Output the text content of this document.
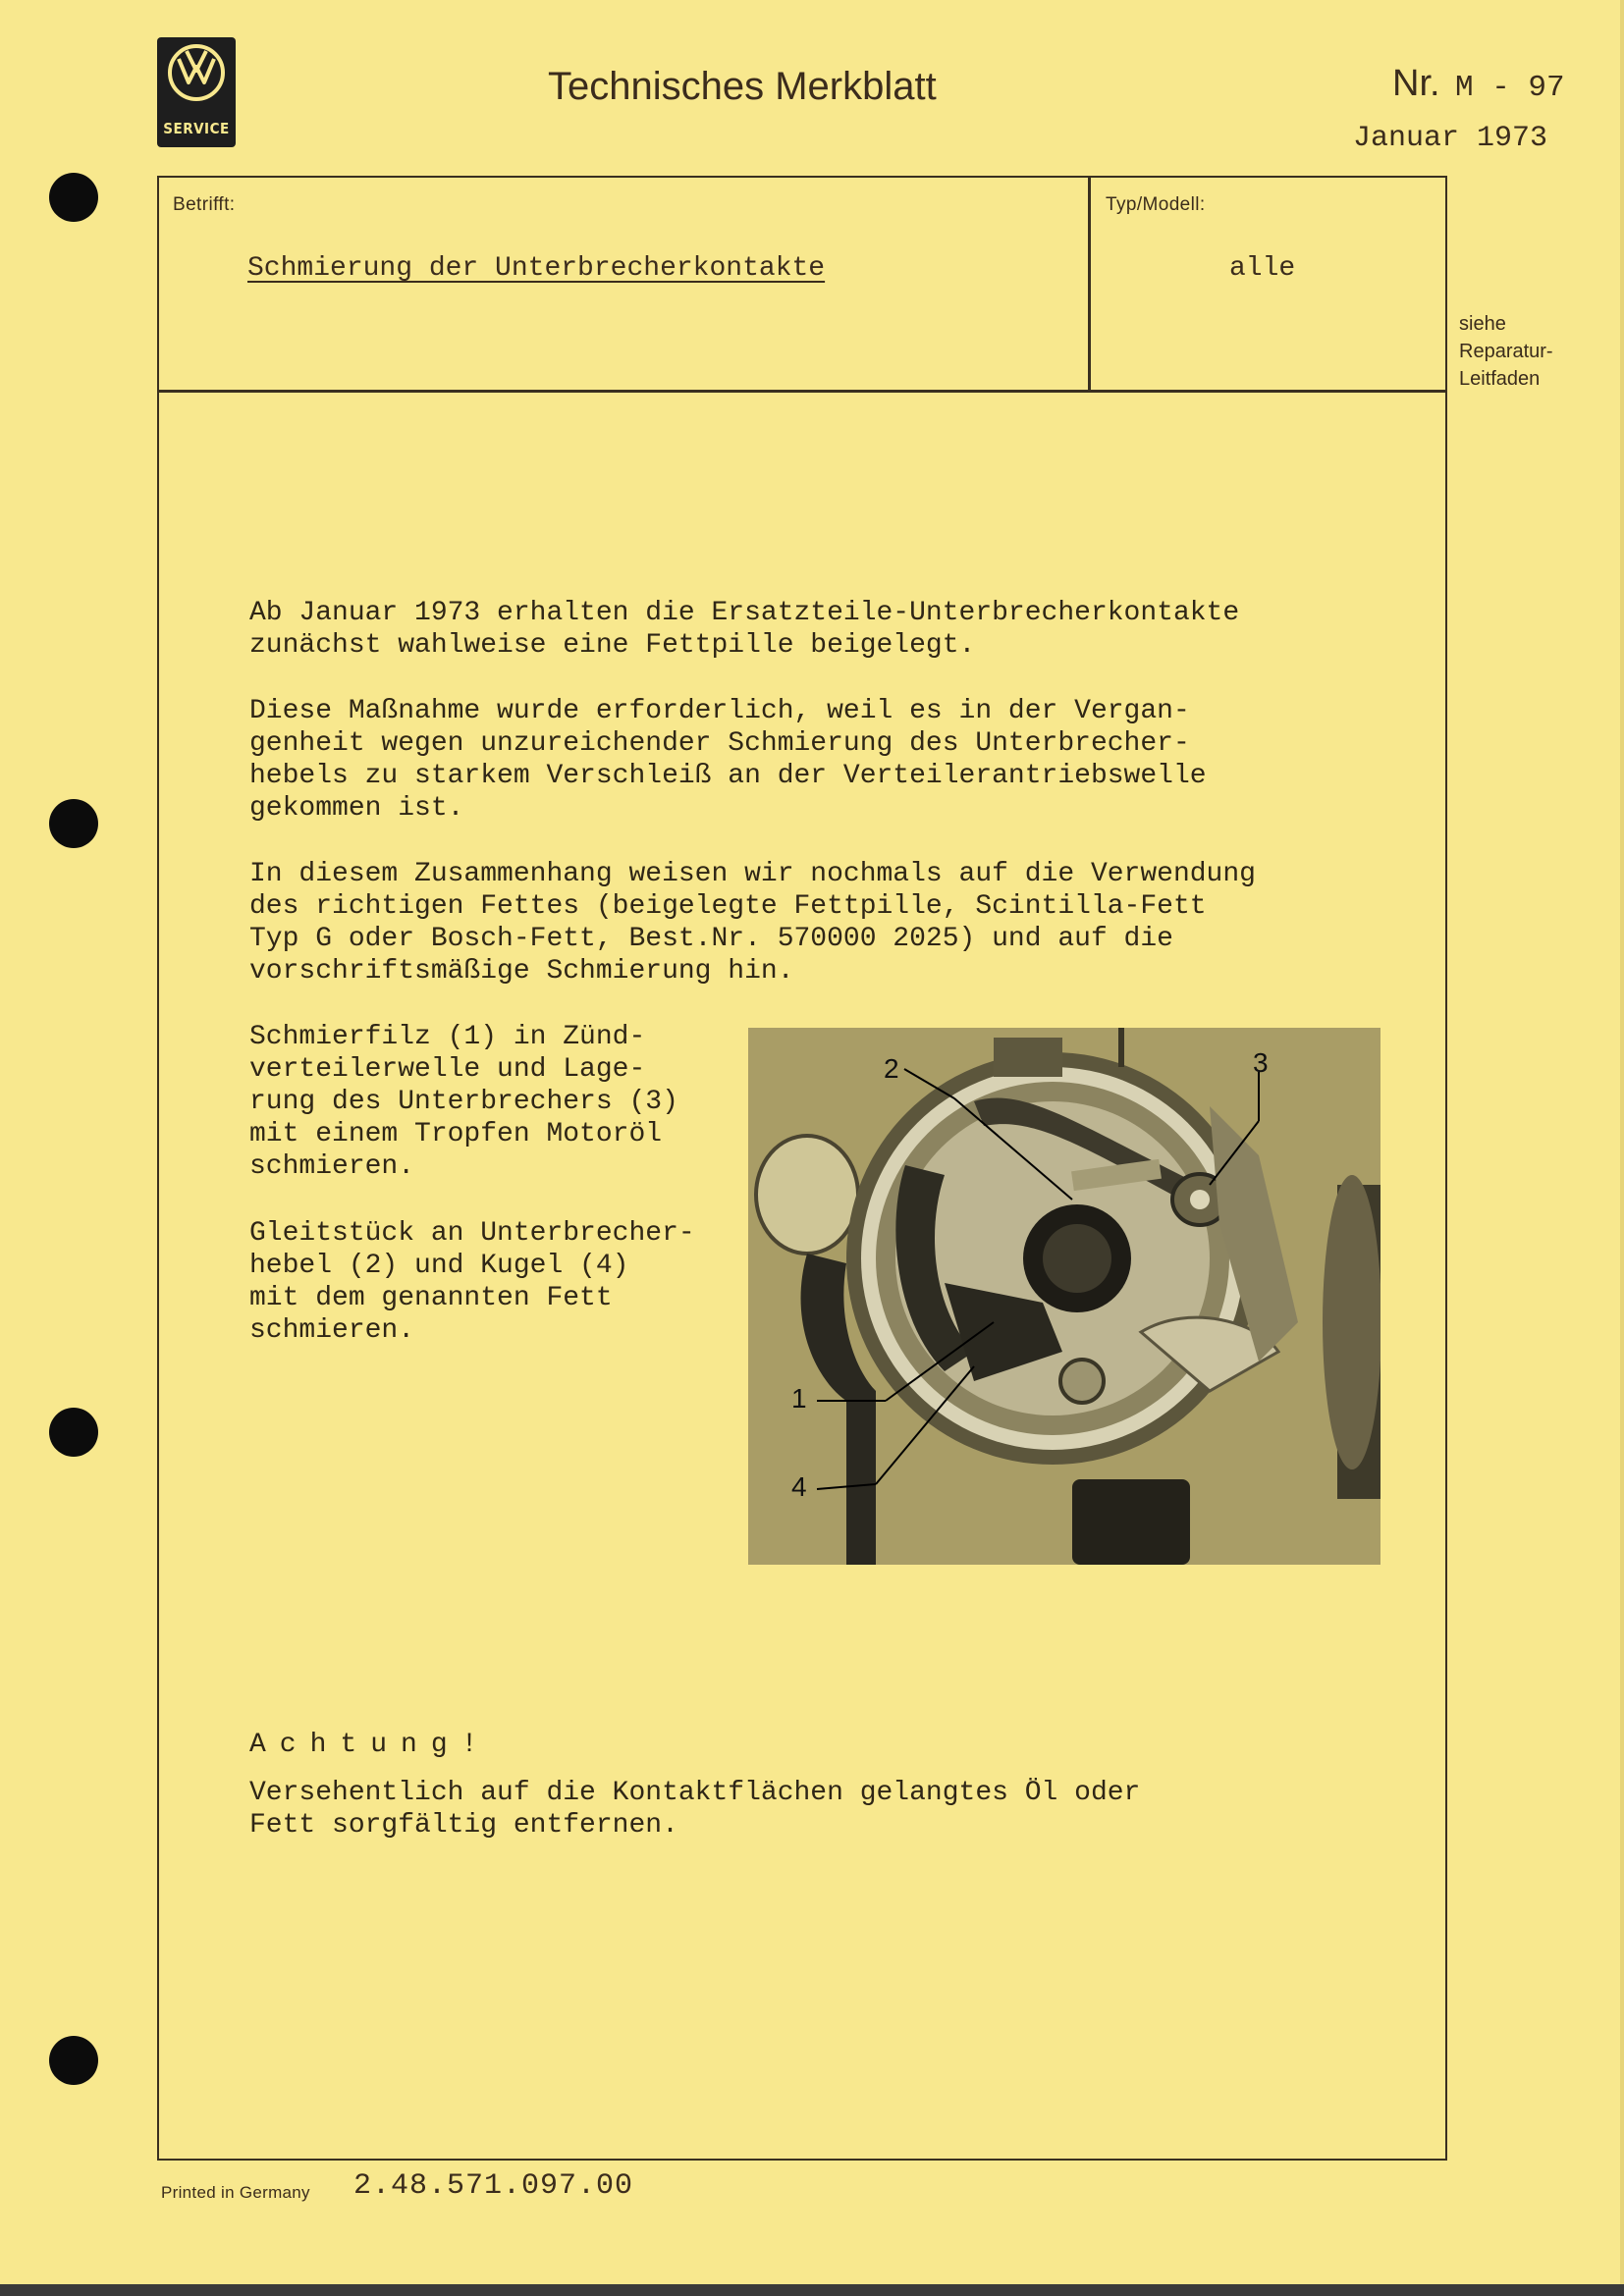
SERVICE
Technisches Merkblatt	Nr. M - 97
Januar 1973
Betrifft:
Schmierung der Unterbrecherkontakte
Typ/Modell:
alle
siehe
Reparatur-
Leitfaden
Ab Januar 1973 erhalten die Ersatzteile-Unterbrecherkontakte
zunächst wahlweise eine Fettpille beigelegt.
Diese Maßnahme wurde erforderlich, weil es in der Vergan-
genheit wegen unzureichender Schmierung des Unterbrecher-
hebels zu starkem Verschleiß an der Verteilerantriebswelle
gekommen ist.
In diesem Zusammenhang weisen wir nochmals auf die Verwendung
des richtigen Fettes (beigelegte Fettpille, Scintilla-Fett
Typ G oder Bosch-Fett, Best.Nr. 570000 2025) und auf die
vorschriftsmäßige Schmierung hin.
Schmierfilz (1) in Zünd-
verteilerwelle und Lage-
rung des Unterbrechers (3)
mit einem Tropfen Motoröl
schmieren.
Gleitstück an Unterbrecher-
hebel (2) und Kugel (4)
mit dem genannten Fett
schmieren.
2	3
1
4
Achtung!
Versehentlich auf die Kontaktflächen gelangtes Öl oder
Fett sorgfältig entfernen.
Printed in Germany 2.48.571.097.00
